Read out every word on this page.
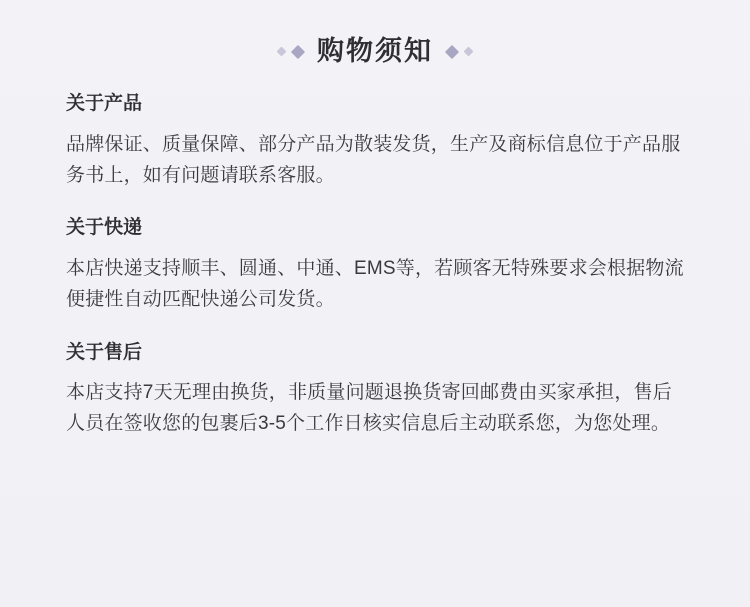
购物须知
关于产品
品牌保证、质量保障、部分产品为散装发货，生产及商标信息位于产品服务书上，如有问题请联系客服。
关于快递
本店快递支持顺丰、圆通、中通、EMS等，若顾客无特殊要求会根据物流便捷性自动匹配快递公司发货。
关于售后
本店支持7天无理由换货，非质量问题退换货寄回邮费由买家承担，售后人员在签收您的包裹后3-5个工作日核实信息后主动联系您，为您处理。
